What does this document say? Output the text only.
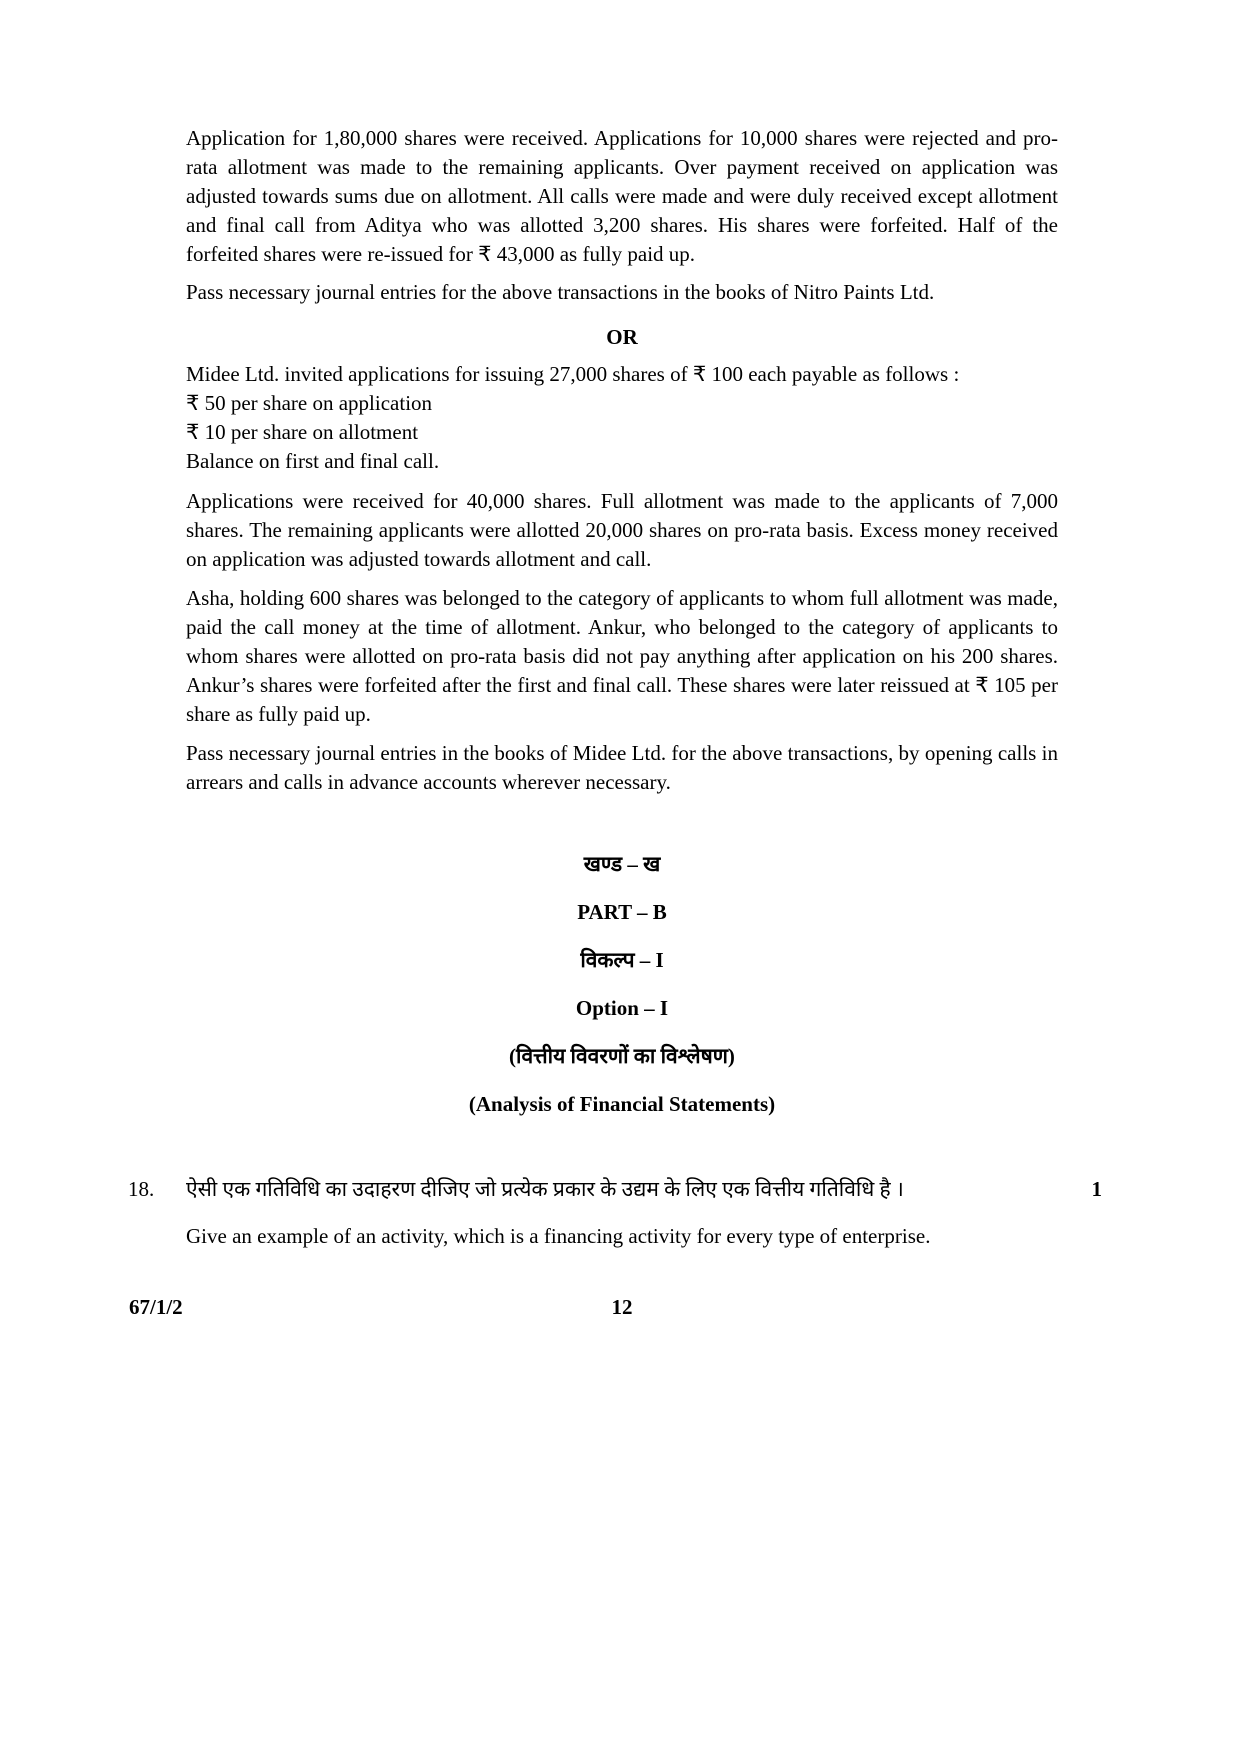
Application for 1,80,000 shares were received. Applications for 10,000 shares were rejected and pro-rata allotment was made to the remaining applicants. Over payment received on application was adjusted towards sums due on allotment. All calls were made and were duly received except allotment and final call from Aditya who was allotted 3,200 shares. His shares were forfeited. Half of the forfeited shares were re-issued for ₹ 43,000 as fully paid up.

Pass necessary journal entries for the above transactions in the books of Nitro Paints Ltd.

OR

Midee Ltd. invited applications for issuing 27,000 shares of ₹ 100 each payable as follows :

₹ 50 per share on application

₹ 10 per share on allotment

Balance on first and final call.

Applications were received for 40,000 shares. Full allotment was made to the applicants of 7,000 shares. The remaining applicants were allotted 20,000 shares on pro-rata basis. Excess money received on application was adjusted towards allotment and call.

Asha, holding 600 shares was belonged to the category of applicants to whom full allotment was made, paid the call money at the time of allotment. Ankur, who belonged to the category of applicants to whom shares were allotted on pro-rata basis did not pay anything after application on his 200 shares. Ankur’s shares were forfeited after the first and final call. These shares were later reissued at ₹ 105 per share as fully paid up.

Pass necessary journal entries in the books of Midee Ltd. for the above transactions, by opening calls in arrears and calls in advance accounts wherever necessary.

खण्ड – ख

PART – B

विकल्प – I

Option – I

(वित्तीय विवरणों का विश्लेषण)

(Analysis of Financial Statements)

18. ऐसी एक गतिविधि का उदाहरण दीजिए जो प्रत्येक प्रकार के उद्यम के लिए एक वित्तीय गतिविधि है ।	1

Give an example of an activity, which is a financing activity for every type of enterprise.

67/1/2	12
